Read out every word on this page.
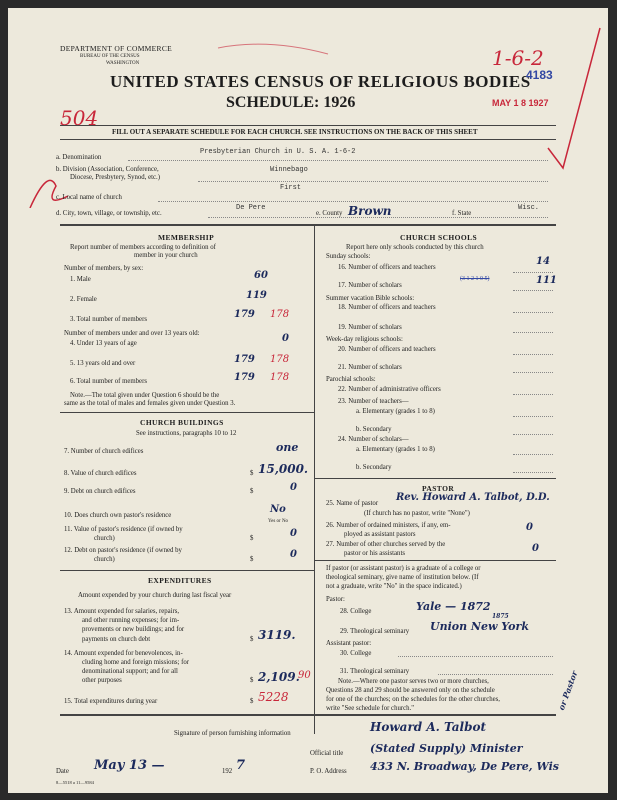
DEPARTMENT OF COMMERCE
BUREAU OF THE CENSUS
WASHINGTON
UNITED STATES CENSUS OF RELIGIOUS BODIES
SCHEDULE: 1926
FILL OUT A SEPARATE SCHEDULE FOR EACH CHURCH. SEE INSTRUCTIONS ON THE BACK OF THIS SHEET
1-6-2
4183
MAY 1 8 1927
504
a. Denomination
Presbyterian Church in U. S. A. 1-6-2
b. Division (Association, Conference,
Diocese, Presbytery, Synod, etc.)
Winnebago
First
c. Local name of church
d. City, town, village, or township, etc.
De Pere
e. County Brown	f. State
Wisc.
MEMBERSHIP
Report number of members according to definition of
member in your church
Number of members, by sex:
1. Male	60
2. Female	119
3. Total number of members	179 178
Number of members under and over 13 years old:
4. Under 13 years of age	0
5. 13 years old and over	179 178
6. Total number of members	179 178
Note.—The total given under Question 6 should be the
same as the total of males and females given under Question 3.
CHURCH BUILDINGS
See instructions, paragraphs 10 to 12
7. Number of church edifices	one
8. Value of church edifices	$ 15,000.
9. Debt on church edifices	$	0
10. Does church own pastor's residence
No
Yes or No
11. Value of pastor's residence (if owned by
church)	$	0
12. Debt on pastor's residence (if owned by
church)	$	0
EXPENDITURES
Amount expended by your church during last fiscal year
13. Amount expended for salaries, repairs,
and other running expenses; for im-
provements or new buildings; and for
payments on church debt	$ 3119.
14. Amount expended for benevolences, in-
cluding home and foreign missions; for
denominational support; and for all
other purposes	$ 2,109.
90
15. Total expenditures during year	$ 5228
CHURCH SCHOOLS
Report here only schools conducted by this church
Sunday schools:
16. Number of officers and teachers
14
17. Number of scholars
(3 1 2 1 0 5)	111
Summer vacation Bible schools:
18. Number of officers and teachers
19. Number of scholars
Week-day religious schools:
20. Number of officers and teachers
21. Number of scholars
Parochial schools:
22. Number of administrative officers
23. Number of teachers—
a. Elementary (grades 1 to 8)
b. Secondary
24. Number of scholars—
a. Elementary (grades 1 to 8)
b. Secondary
PASTOR
25. Name of pastor
Rev. Howard A. Talbot, D.D.
(If church has no pastor, write "None")
26. Number of ordained ministers, if any, em-
ployed as assistant pastors
0
27. Number of other churches served by the
pastor or his assistants	0
If pastor (or assistant pastor) is a graduate of a college or
theological seminary, give name of institution below. (If
not a graduate, write "No" in the space indicated.)
Pastor:
28. College	Yale — 1872
29. Theological seminary Union New York
1875
Assistant pastor:
30. College
31. Theological seminary
Note.—Where one pastor serves two or more churches,
Questions 28 and 29 should be answered only on the schedule
for one of the churches; on the schedules for the other churches,
write "See schedule for church."
Signature of person furnishing information	Howard A. Talbot
Official title (Stated Supply) Minister
or Pastor
Date May 13 —	192 7	P. O. Address 433 N. Broadway, De Pere, Wis
8—5518 a 11—9584
